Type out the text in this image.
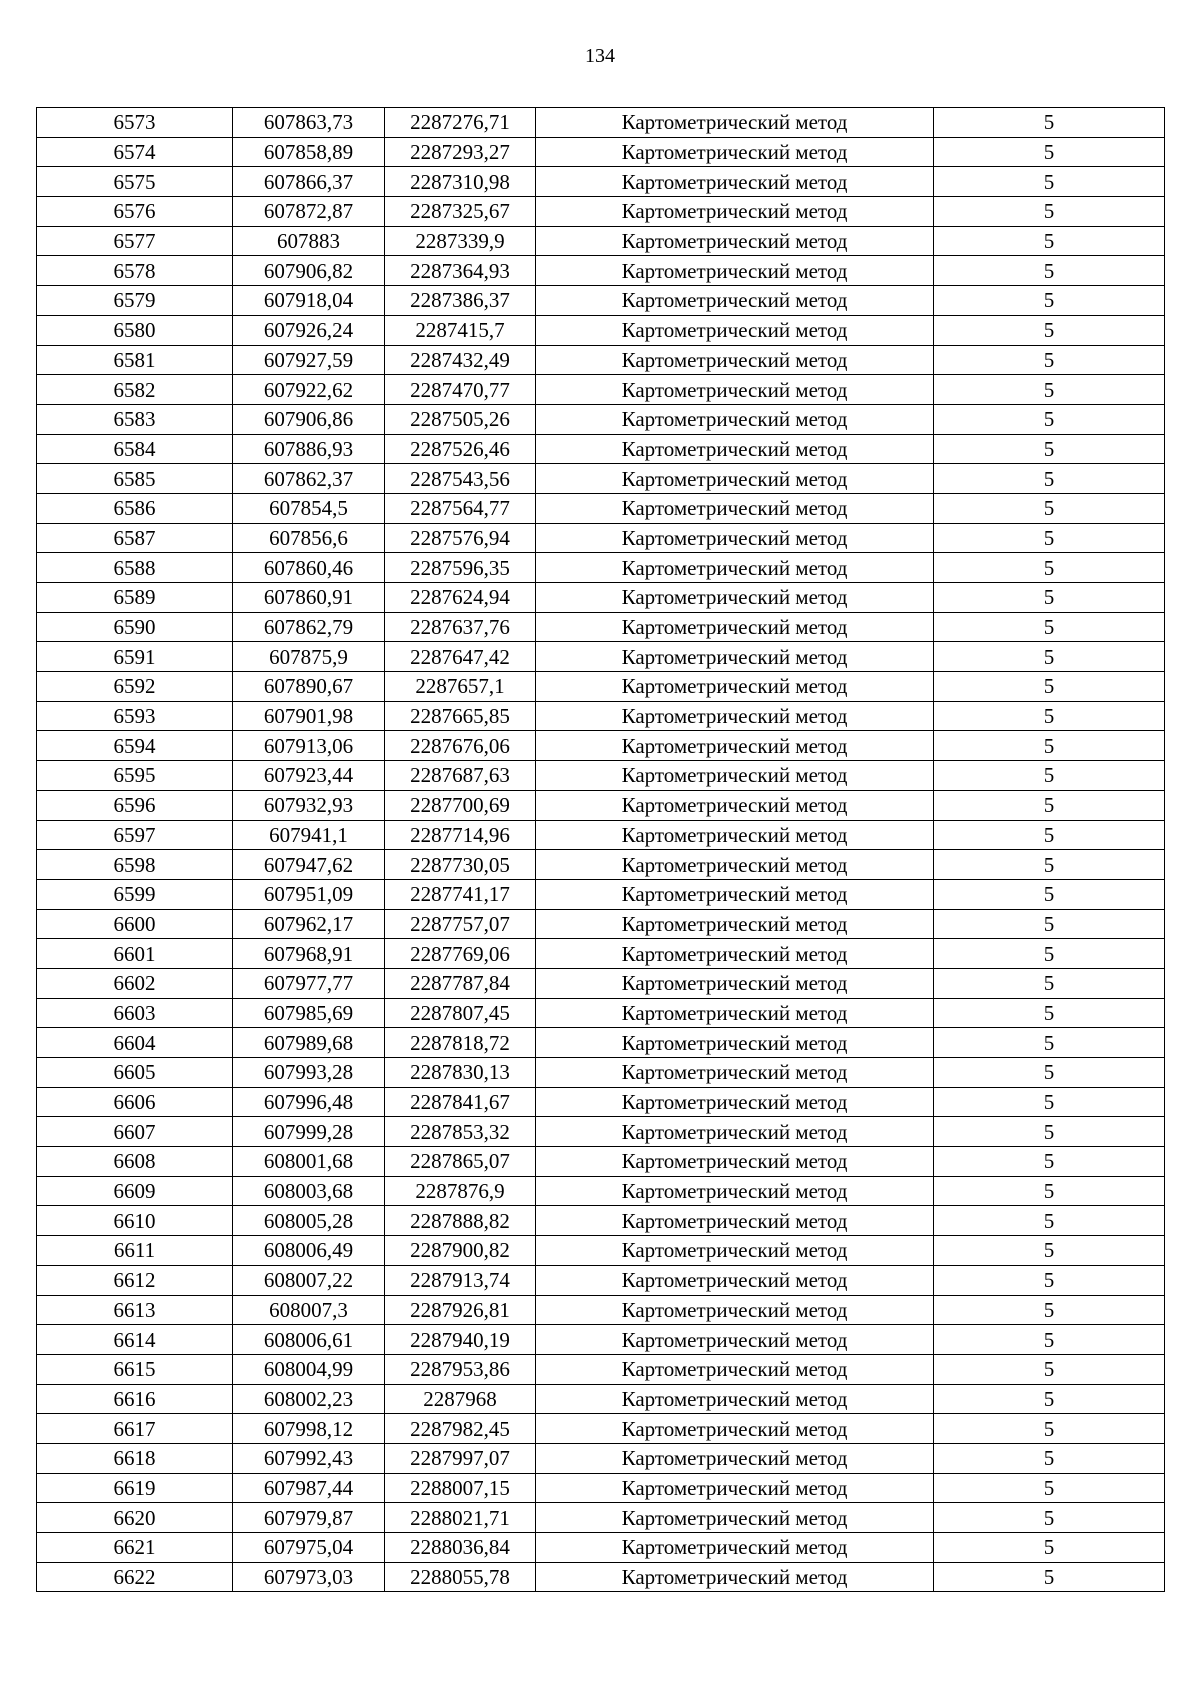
134
6573	607863,73	2287276,71	Картометрический метод	5
6574	607858,89	2287293,27	Картометрический метод	5
6575	607866,37	2287310,98	Картометрический метод	5
6576	607872,87	2287325,67	Картометрический метод	5
6577	607883	2287339,9	Картометрический метод	5
6578	607906,82	2287364,93	Картометрический метод	5
6579	607918,04	2287386,37	Картометрический метод	5
6580	607926,24	2287415,7	Картометрический метод	5
6581	607927,59	2287432,49	Картометрический метод	5
6582	607922,62	2287470,77	Картометрический метод	5
6583	607906,86	2287505,26	Картометрический метод	5
6584	607886,93	2287526,46	Картометрический метод	5
6585	607862,37	2287543,56	Картометрический метод	5
6586	607854,5	2287564,77	Картометрический метод	5
6587	607856,6	2287576,94	Картометрический метод	5
6588	607860,46	2287596,35	Картометрический метод	5
6589	607860,91	2287624,94	Картометрический метод	5
6590	607862,79	2287637,76	Картометрический метод	5
6591	607875,9	2287647,42	Картометрический метод	5
6592	607890,67	2287657,1	Картометрический метод	5
6593	607901,98	2287665,85	Картометрический метод	5
6594	607913,06	2287676,06	Картометрический метод	5
6595	607923,44	2287687,63	Картометрический метод	5
6596	607932,93	2287700,69	Картометрический метод	5
6597	607941,1	2287714,96	Картометрический метод	5
6598	607947,62	2287730,05	Картометрический метод	5
6599	607951,09	2287741,17	Картометрический метод	5
6600	607962,17	2287757,07	Картометрический метод	5
6601	607968,91	2287769,06	Картометрический метод	5
6602	607977,77	2287787,84	Картометрический метод	5
6603	607985,69	2287807,45	Картометрический метод	5
6604	607989,68	2287818,72	Картометрический метод	5
6605	607993,28	2287830,13	Картометрический метод	5
6606	607996,48	2287841,67	Картометрический метод	5
6607	607999,28	2287853,32	Картометрический метод	5
6608	608001,68	2287865,07	Картометрический метод	5
6609	608003,68	2287876,9	Картометрический метод	5
6610	608005,28	2287888,82	Картометрический метод	5
6611	608006,49	2287900,82	Картометрический метод	5
6612	608007,22	2287913,74	Картометрический метод	5
6613	608007,3	2287926,81	Картометрический метод	5
6614	608006,61	2287940,19	Картометрический метод	5
6615	608004,99	2287953,86	Картометрический метод	5
6616	608002,23	2287968	Картометрический метод	5
6617	607998,12	2287982,45	Картометрический метод	5
6618	607992,43	2287997,07	Картометрический метод	5
6619	607987,44	2288007,15	Картометрический метод	5
6620	607979,87	2288021,71	Картометрический метод	5
6621	607975,04	2288036,84	Картометрический метод	5
6622	607973,03	2288055,78	Картометрический метод	5
